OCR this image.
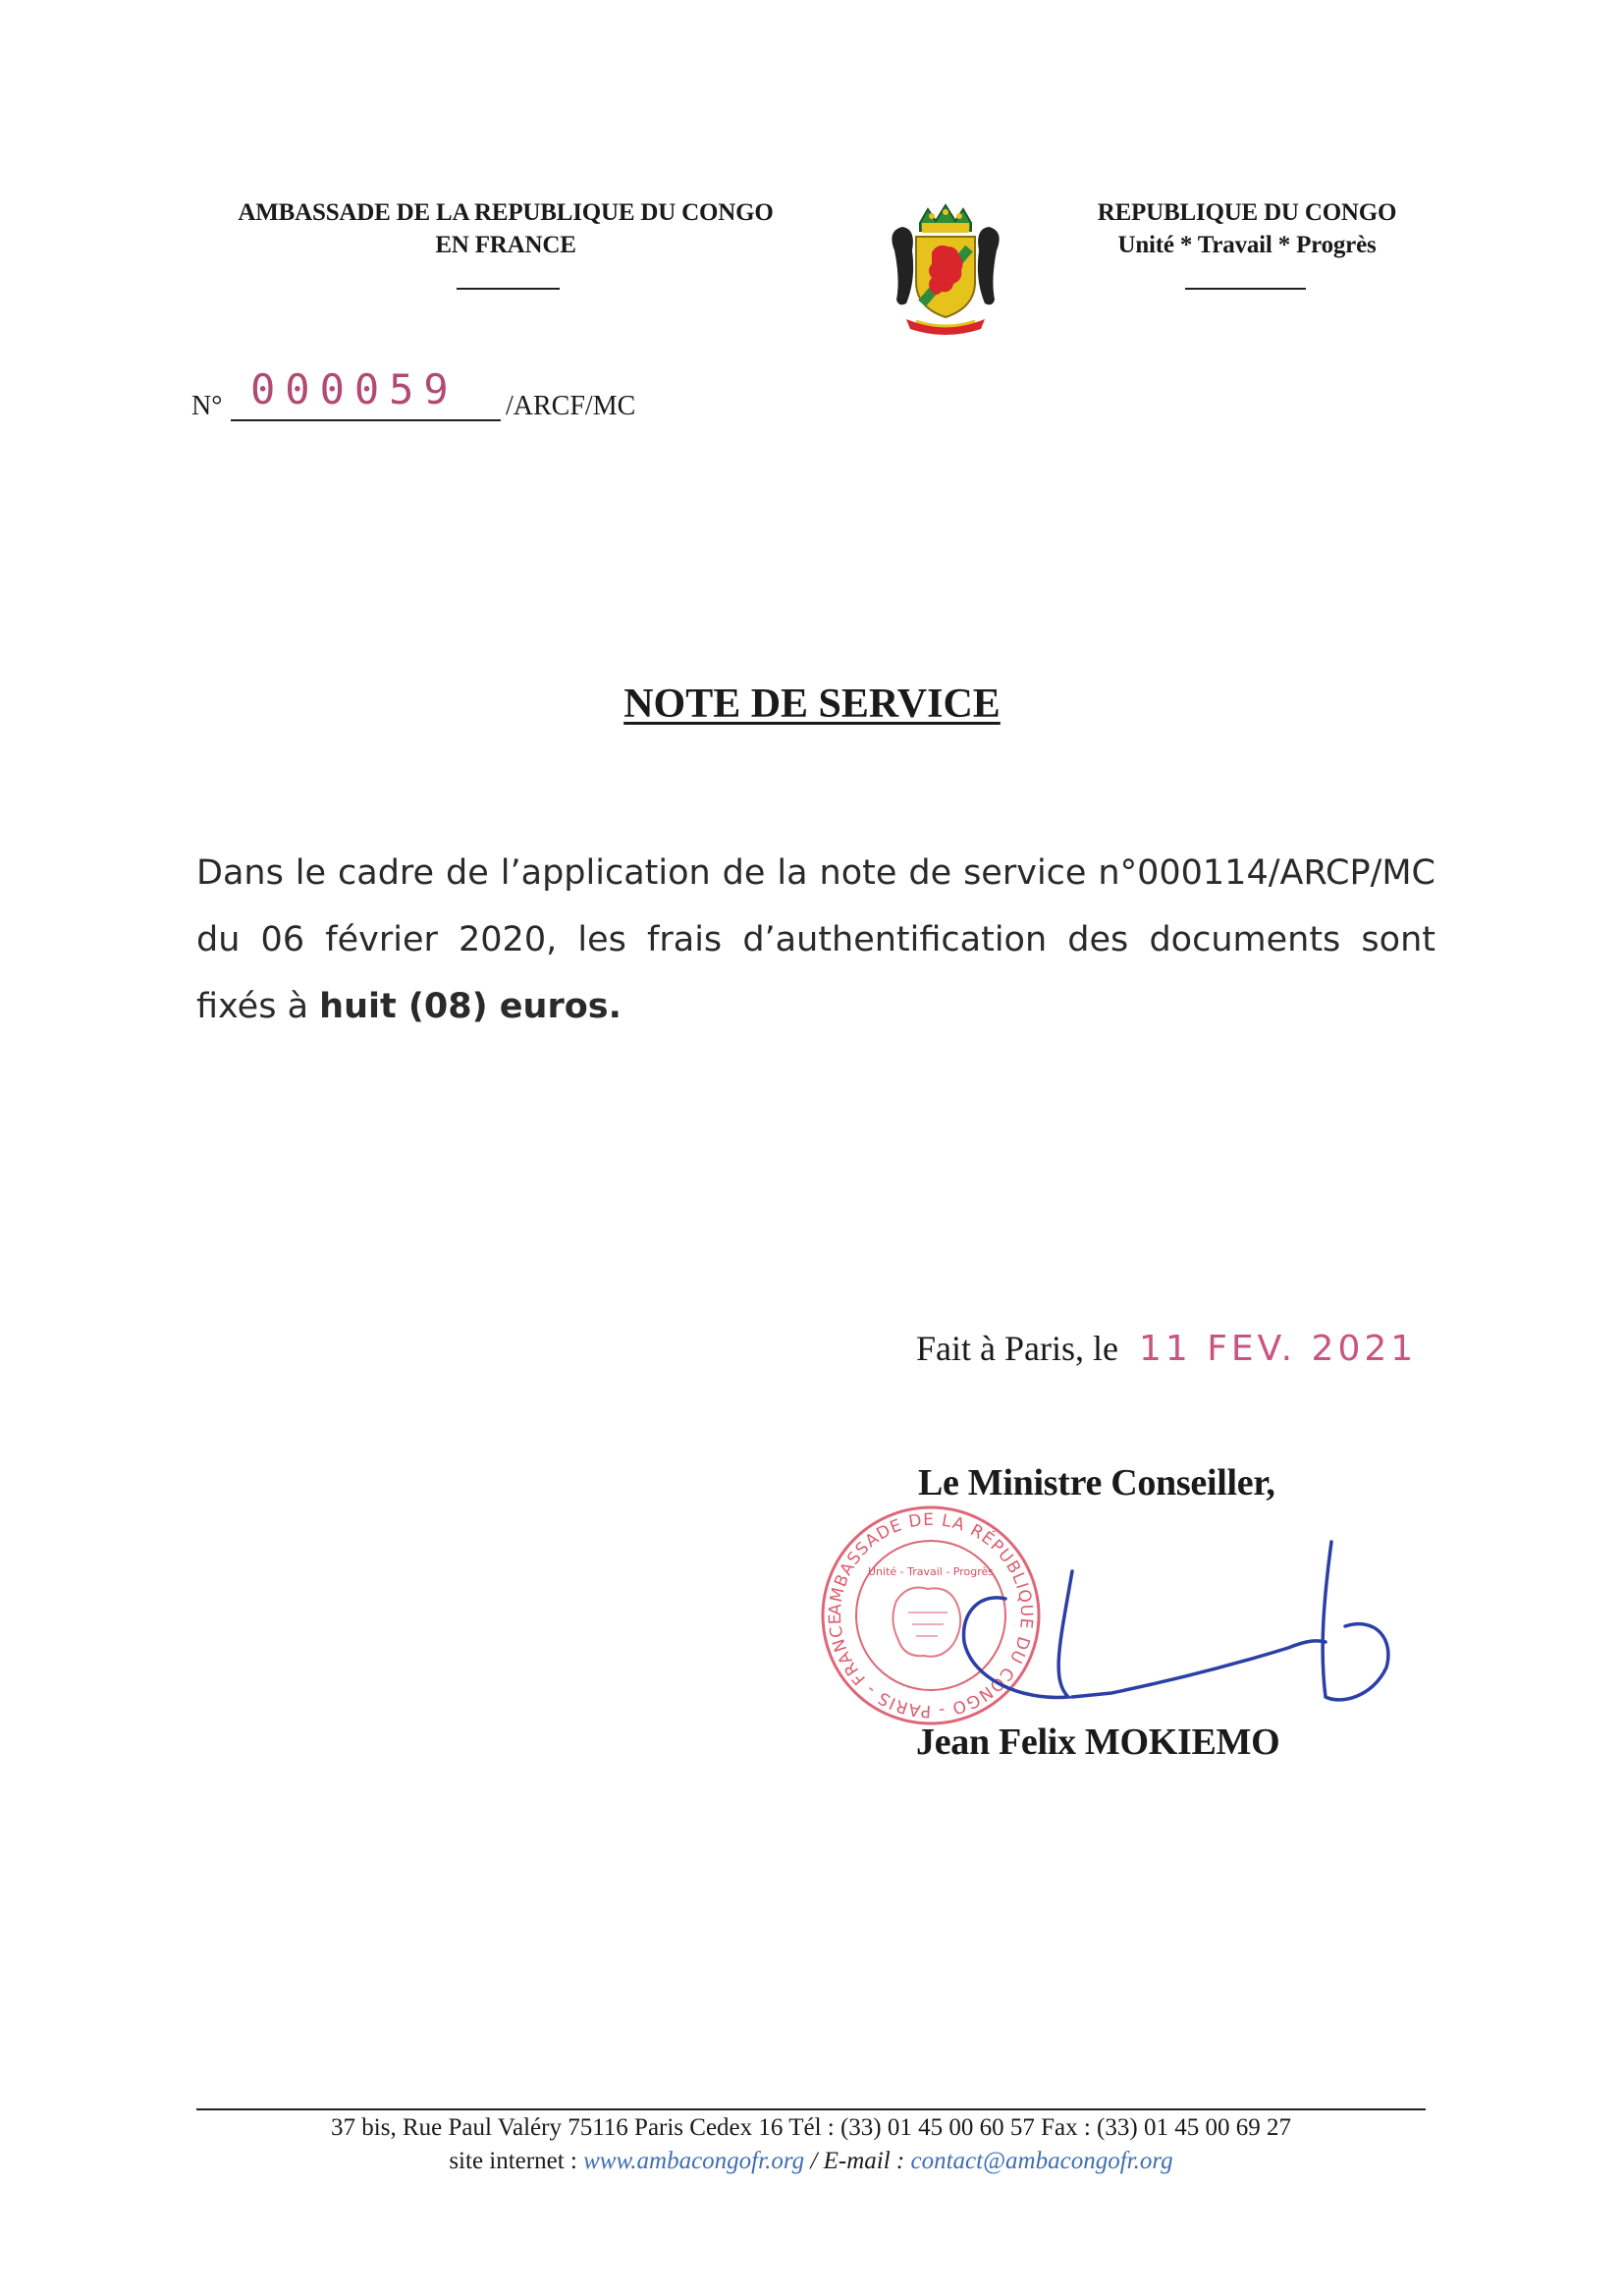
AMBASSADE DE LA REPUBLIQUE DU CONGO
EN FRANCE
REPUBLIQUE DU CONGO
Unité * Travail * Progrès
N° 000059 /ARCF/MC
NOTE DE SERVICE
Dans le cadre de l’application de la note de service n°000114/ARCP/MC du 06 février 2020, les frais d’authentification des documents sont fixés à huit (08) euros.
Fait à Paris, le 11 FEV. 2021
Le Ministre Conseiller,
AMBASSADE DE LA RÉPUBLIQUE DU CONGO - PARIS - FRANCE
Unité - Travail - Progrès
Jean Felix MOKIEMO
37 bis, Rue Paul Valéry 75116 Paris Cedex 16 Tél : (33) 01 45 00 60 57 Fax : (33) 01 45 00 69 27
site internet : www.ambacongofr.org / E-mail : contact@ambacongofr.org
